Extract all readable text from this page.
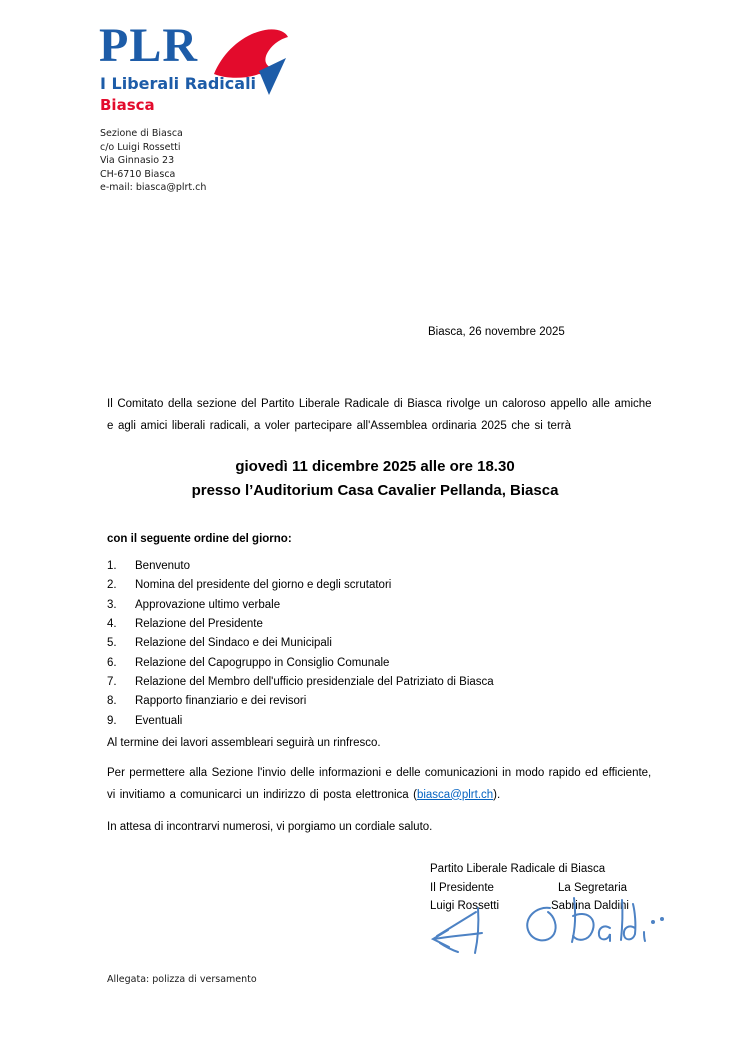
PLR
I Liberali Radicali
Biasca
Sezione di Biasca
c/o Luigi Rossetti
Via Ginnasio 23
CH-6710 Biasca
e-mail: biasca@plrt.ch
Biasca, 26 novembre 2025
Il Comitato della sezione del Partito Liberale Radicale di Biasca rivolge un caloroso appello alle amiche
e agli amici liberali radicali, a voler partecipare all'Assemblea ordinaria 2025 che si terrà
giovedì 11 dicembre 2025 alle ore 18.30
presso l’Auditorium Casa Cavalier Pellanda, Biasca
con il seguente ordine del giorno:
1. Benvenuto
2. Nomina del presidente del giorno e degli scrutatori
3. Approvazione ultimo verbale
4. Relazione del Presidente
5. Relazione del Sindaco e dei Municipali
6. Relazione del Capogruppo in Consiglio Comunale
7. Relazione del Membro dell'ufficio presidenziale del Patriziato di Biasca
8. Rapporto finanziario e dei revisori
9. Eventuali
Al termine dei lavori assembleari seguirà un rinfresco.
Per permettere alla Sezione l'invio delle informazioni e delle comunicazioni in modo rapido ed efficiente,
vi invitiamo a comunicarci un indirizzo di posta elettronica (biasca@plrt.ch).
In attesa di incontrarvi numerosi, vi porgiamo un cordiale saluto.
Partito Liberale Radicale di Biasca
Il Presidente	La Segretaria
Luigi Rossetti	Sabrina Daldini
Allegata: polizza di versamento
